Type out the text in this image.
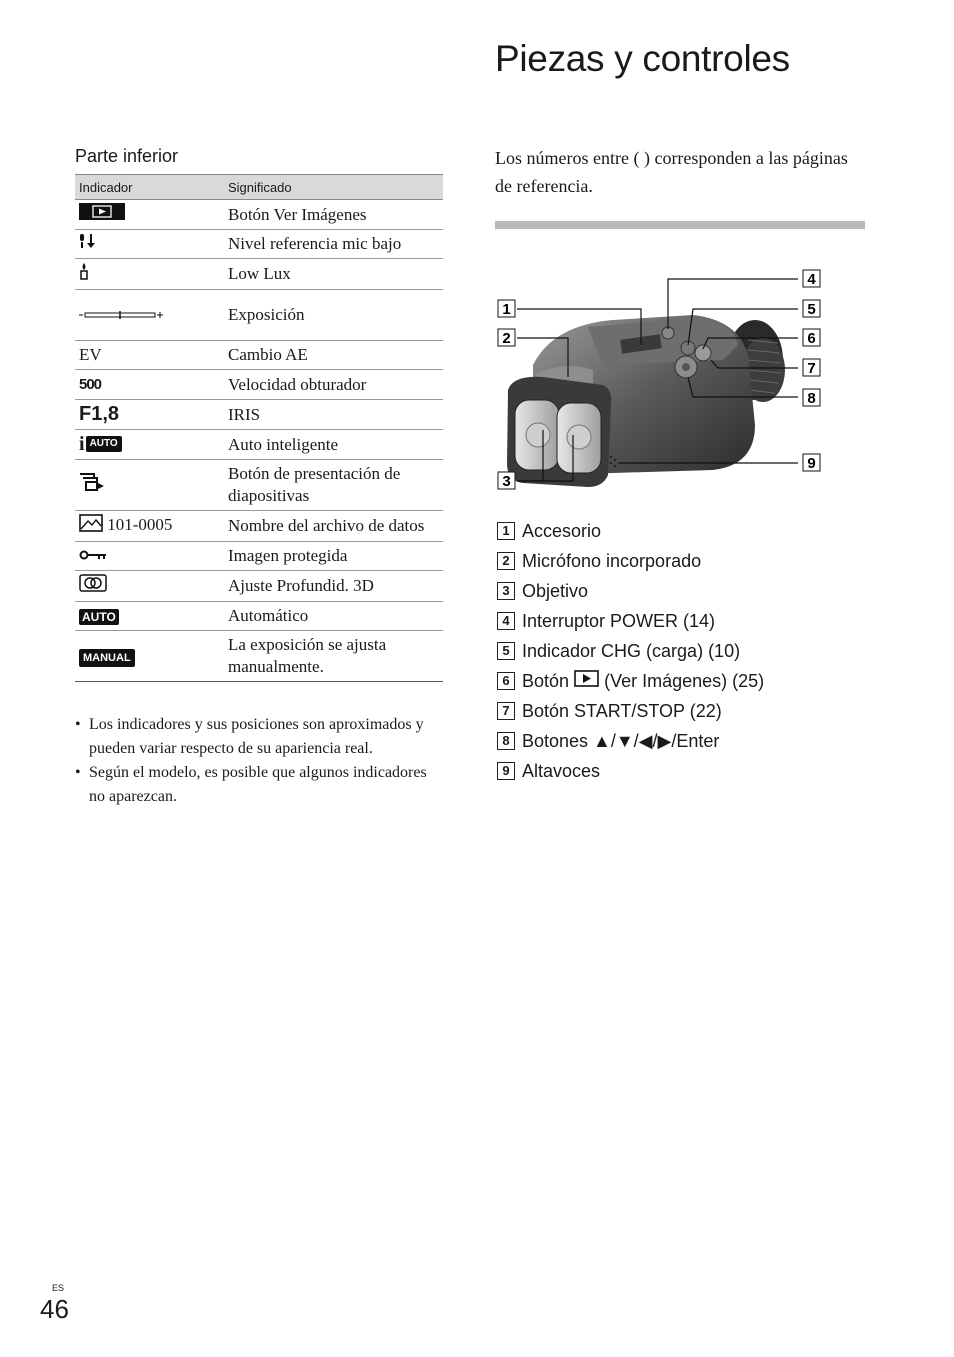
Piezas y controles
Parte inferior
Indicador	Significado
	Botón Ver Imágenes
	Nivel referencia mic bajo
	Low Lux
	Exposición
EV	Cambio AE
500	Velocidad obturador
F1,8	IRIS

i AUTO	Auto inteligente
	Botón de presentación de diapositivas
101-0005	Nombre del archivo de datos
	Imagen protegida
	Ajuste Profundid. 3D
AUTO	Automático
MANUAL	La exposición se ajusta manualmente.
• Los indicadores y sus posiciones son aproximados y pueden variar respecto de su apariencia real.
• Según el modelo, es posible que algunos indicadores no aparezcan.

Los números entre ( ) corresponden a las páginas de referencia.

1
2
3
4
5
6
7
8
9
1 Accesorio
2 Micrófono incorporado
3 Objetivo
4 Interruptor POWER (14)
5 Indicador CHG (carga) (10)
6 Botón

(Ver Imágenes) (25)
7 Botón START/STOP (22)
8 Botones ▲/▼/◀/▶/Enter
9 Altavoces
ES
46
